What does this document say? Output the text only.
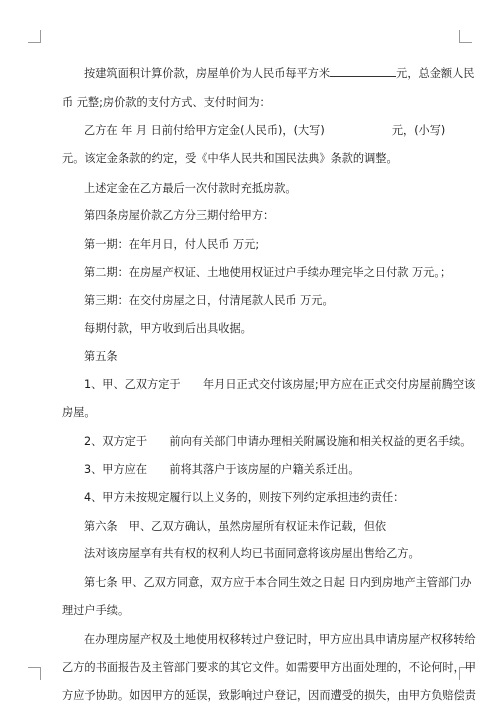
按建筑面积计算价款，房屋单价为人民币每平方米	元，总金额人民
币 元整;房价款的支付方式、支付时间为：
乙方在 年 月 日前付给甲方定金(人民币)，(大写)　　　　　　元，(小写)
元。该定金条款的约定，受《中华人民共和国民法典》条款的调整。
上述定金在乙方最后一次付款时充抵房款。
第四条房屋价款乙方分三期付给甲方：
第一期：在年月日，付人民币 万元;
第二期：在房屋产权证、土地使用权证过户手续办理完毕之日付款 万元。；
第三期：在交付房屋之日，付清尾款人民币 万元。
每期付款，甲方收到后出具收据。
第五条
1、甲、乙双方定于　　年月日正式交付该房屋;甲方应在正式交付房屋前腾空该
房屋。
2、双方定于　　前向有关部门申请办理相关附属设施和相关权益的更名手续。
3、甲方应在　　前将其落户于该房屋的户籍关系迁出。
4、甲方未按规定履行以上义务的，则按下列约定承担违约责任：
第六条　甲、乙双方确认，虽然房屋所有权证未作记载，但依
法对该房屋享有共有权的权利人均已书面同意将该房屋出售给乙方。
第七条 甲、乙双方同意，双方应于本合同生效之日起 日内到房地产主管部门办
理过户手续。
在办理房屋产权及土地使用权移转过户登记时，甲方应出具申请房屋产权移转给
乙方的书面报告及主管部门要求的其它文件。如需要甲方出面处理的，不论何时，甲
方应予协助。如因甲方的延误，致影响过户登记，因而遭受的损失，由甲方负赔偿责
